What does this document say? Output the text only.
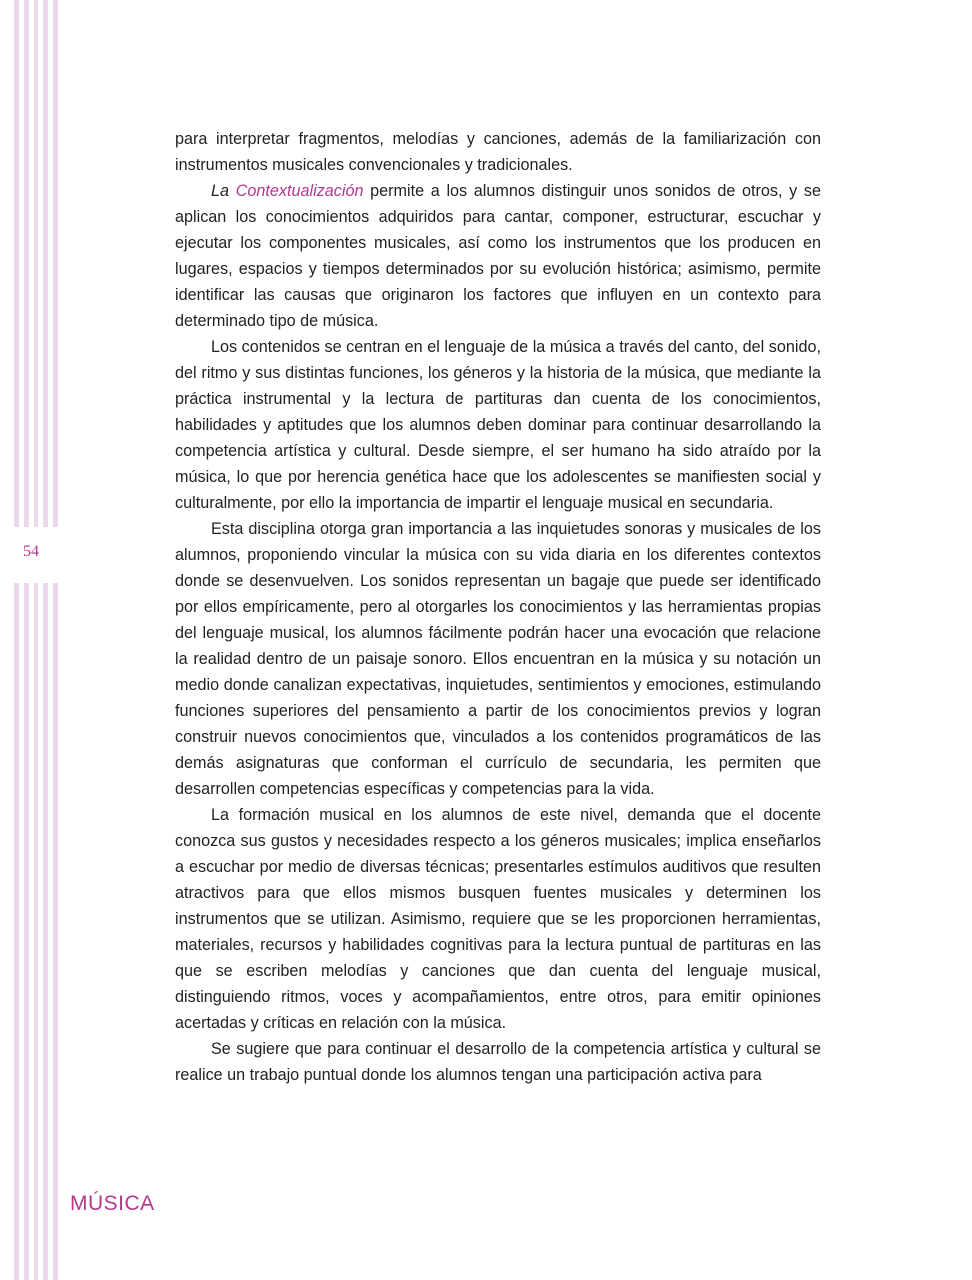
54

para interpretar fragmentos, melodías y canciones, además de la familiarización con instrumentos musicales convencionales y tradicionales.

La Contextualización permite a los alumnos distinguir unos sonidos de otros, y se aplican los conocimientos adquiridos para cantar, componer, estructurar, escuchar y ejecutar los componentes musicales, así como los instrumentos que los producen en lugares, espacios y tiempos determinados por su evolución histórica; asimismo, permite identificar las causas que originaron los factores que influyen en un contexto para determinado tipo de música.

Los contenidos se centran en el lenguaje de la música a través del canto, del sonido, del ritmo y sus distintas funciones, los géneros y la historia de la música, que mediante la práctica instrumental y la lectura de partituras dan cuenta de los conocimientos, habilidades y aptitudes que los alumnos deben dominar para continuar desarrollando la competencia artística y cultural. Desde siempre, el ser humano ha sido atraído por la música, lo que por herencia genética hace que los adolescentes se manifiesten social y culturalmente, por ello la importancia de impartir el lenguaje musical en secundaria.

Esta disciplina otorga gran importancia a las inquietudes sonoras y musicales de los alumnos, proponiendo vincular la música con su vida diaria en los diferentes contextos donde se desenvuelven. Los sonidos representan un bagaje que puede ser identificado por ellos empíricamente, pero al otorgarles los conocimientos y las herramientas propias del lenguaje musical, los alumnos fácilmente podrán hacer una evocación que relacione la realidad dentro de un paisaje sonoro. Ellos encuentran en la música y su notación un medio donde canalizan expectativas, inquietudes, sentimientos y emociones, estimulando funciones superiores del pensamiento a partir de los conocimientos previos y logran construir nuevos conocimientos que, vinculados a los contenidos programáticos de las demás asignaturas que conforman el currículo de secundaria, les permiten que desarrollen competencias específicas y competencias para la vida.

La formación musical en los alumnos de este nivel, demanda que el docente conozca sus gustos y necesidades respecto a los géneros musicales; implica enseñarlos a escuchar por medio de diversas técnicas; presentarles estímulos auditivos que resulten atractivos para que ellos mismos busquen fuentes musicales y determinen los instrumentos que se utilizan. Asimismo, requiere que se les proporcionen herramientas, materiales, recursos y habilidades cognitivas para la lectura puntual de partituras en las que se escriben melodías y canciones que dan cuenta del lenguaje musical, distinguiendo ritmos, voces y acompañamientos, entre otros, para emitir opiniones acertadas y críticas en relación con la música.

Se sugiere que para continuar el desarrollo de la competencia artística y cultural se realice un trabajo puntual donde los alumnos tengan una participación activa para

MÚSICA
